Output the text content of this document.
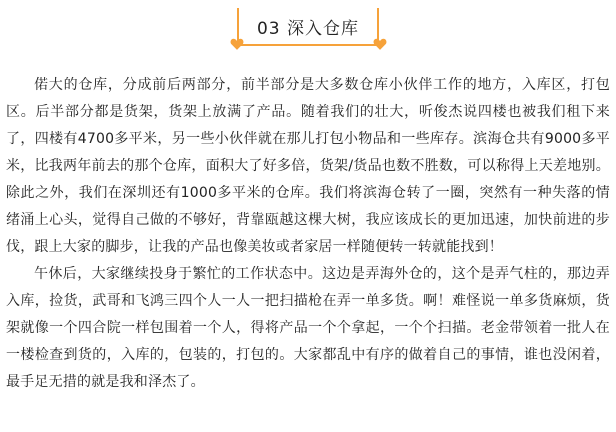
03 深入仓库

偌大的仓库，分成前后两部分，前半部分是大多数仓库小伙伴工作的地方，入库区，打包区。后半部分都是货架，货架上放满了产品。随着我们的壮大，听俊杰说四楼也被我们租下来了，四楼有4700多平米，另一些小伙伴就在那儿打包小物品和一些库存。滨海仓共有9000多平米，比我两年前去的那个仓库，面积大了好多倍，货架/货品也数不胜数，可以称得上天差地别。除此之外，我们在深圳还有1000多平米的仓库。我们将滨海仓转了一圈，突然有一种失落的情绪涌上心头，觉得自己做的不够好，背靠瓯越这棵大树，我应该成长的更加迅速，加快前进的步伐，跟上大家的脚步，让我的产品也像美妆或者家居一样随便转一转就能找到！

午休后，大家继续投身于繁忙的工作状态中。这边是弄海外仓的，这个是弄气柱的，那边弄入库，捡货，武哥和飞鸿三四个人一人一把扫描枪在弄一单多货。啊！难怪说一单多货麻烦，货架就像一个四合院一样包围着一个人，得将产品一个个拿起，一个个扫描。老金带领着一批人在一楼检查到货的，入库的，包装的，打包的。大家都乱中有序的做着自己的事情，谁也没闲着，最手足无措的就是我和泽杰了。
